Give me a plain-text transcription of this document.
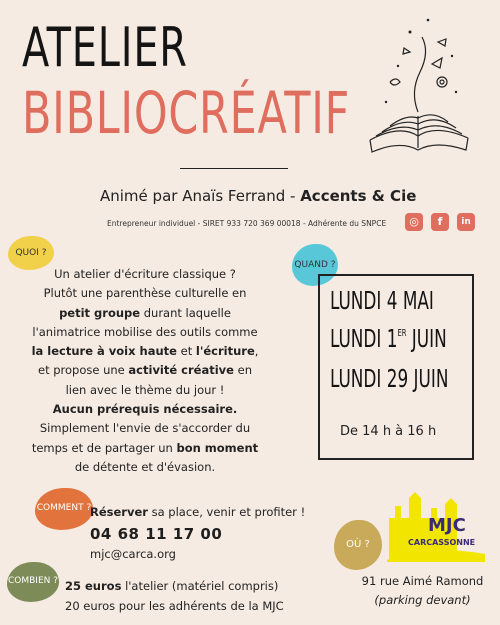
ATELIER
BIBLIOCRÉATIF
Animé par Anaïs Ferrand - Accents & Cie
Entrepreneur individuel - SIRET 933 720 369 00018 - Adhérente du SNPCE	◎	f	in
QUOI ?
QUAND ?
COMMENT ?
COMBIEN ?
OÙ ?
Un atelier d'écriture classique ?
Plutôt une parenthèse culturelle en
petit groupe durant laquelle
l'animatrice mobilise des outils comme
la lecture à voix haute et l'écriture,
et propose une activité créative en
lien avec le thème du jour !
Aucun prérequis nécessaire.
Simplement l'envie de s'accorder du
temps et de partager un bon moment
de détente et d'évasion.
LUNDI 4 MAI
LUNDI 1ER JUIN
LUNDI 29 JUIN
De 14 h à 16 h
Réserver sa place, venir et profiter !
04 68 11 17 00
mjc@carca.org
25 euros l'atelier (matériel compris)
20 euros pour les adhérents de la MJC
MJC
CARCASSONNE
91 rue Aimé Ramond
(parking devant)
